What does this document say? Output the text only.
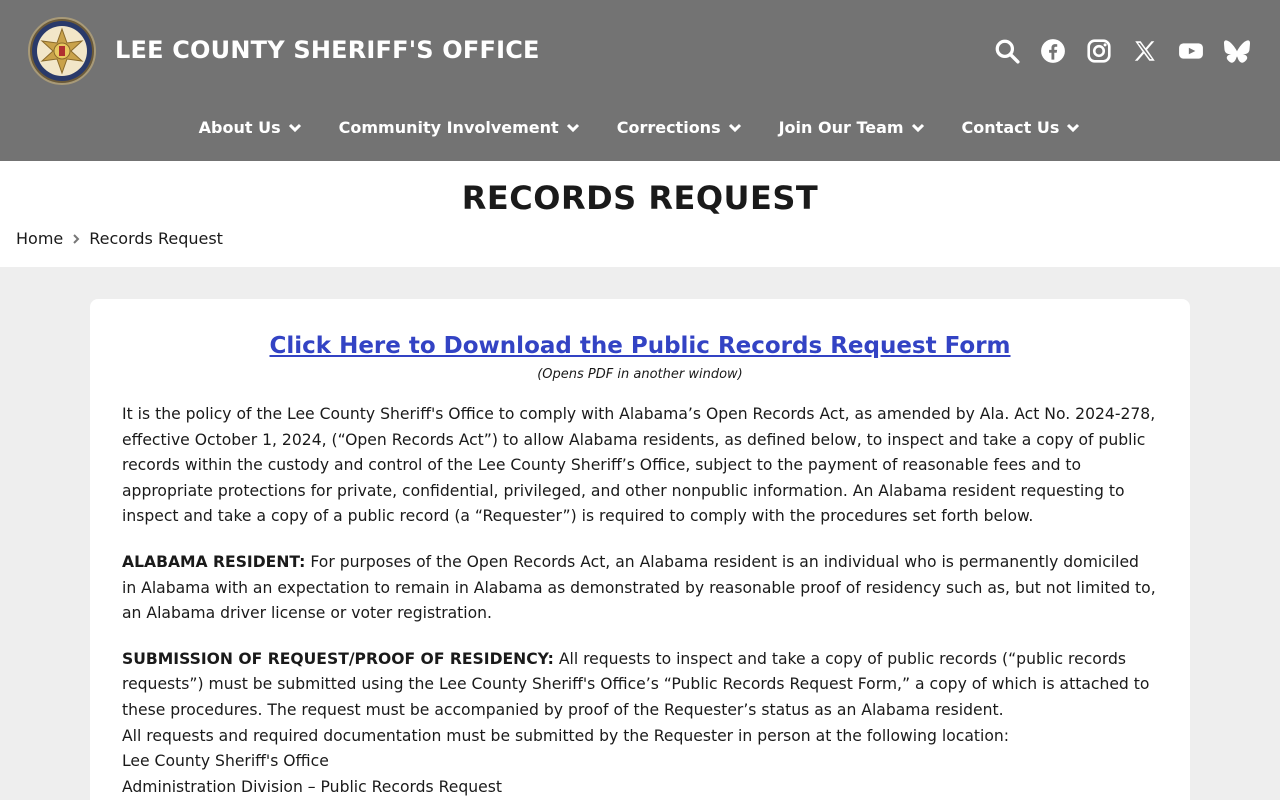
LEE COUNTY SHERIFF'S OFFICE
About Us	Community Involvement	Corrections	Join Our Team	Contact Us
RECORDS REQUEST
Home Records Request
Click Here to Download the Public Records Request Form
(Opens PDF in another window)

It is the policy of the Lee County Sheriff's Office to comply with Alabama’s Open Records Act, as amended by Ala. Act No. 2024-278, effective October 1, 2024, (“Open Records Act”) to allow Alabama residents, as defined below, to inspect and take a copy of public records within the custody and control of the Lee County Sheriff’s Office, subject to the payment of reasonable fees and to appropriate protections for private, confidential, privileged, and other nonpublic information. An Alabama resident requesting to inspect and take a copy of a public record (a “Requester”) is required to comply with the procedures set forth below.

ALABAMA RESIDENT: For purposes of the Open Records Act, an Alabama resident is an individual who is permanently domiciled in Alabama with an expectation to remain in Alabama as demonstrated by reasonable proof of residency such as, but not limited to, an Alabama driver license or voter registration.

SUBMISSION OF REQUEST/PROOF OF RESIDENCY: All requests to inspect and take a copy of public records (“public records requests”) must be submitted using the Lee County Sheriff's Office’s “Public Records Request Form,” a copy of which is attached to these procedures. The request must be accompanied by proof of the Requester’s status as an Alabama resident.

All requests and required documentation must be submitted by the Requester in person at the following location:
Lee County Sheriff's Office
Administration Division – Public Records Request
